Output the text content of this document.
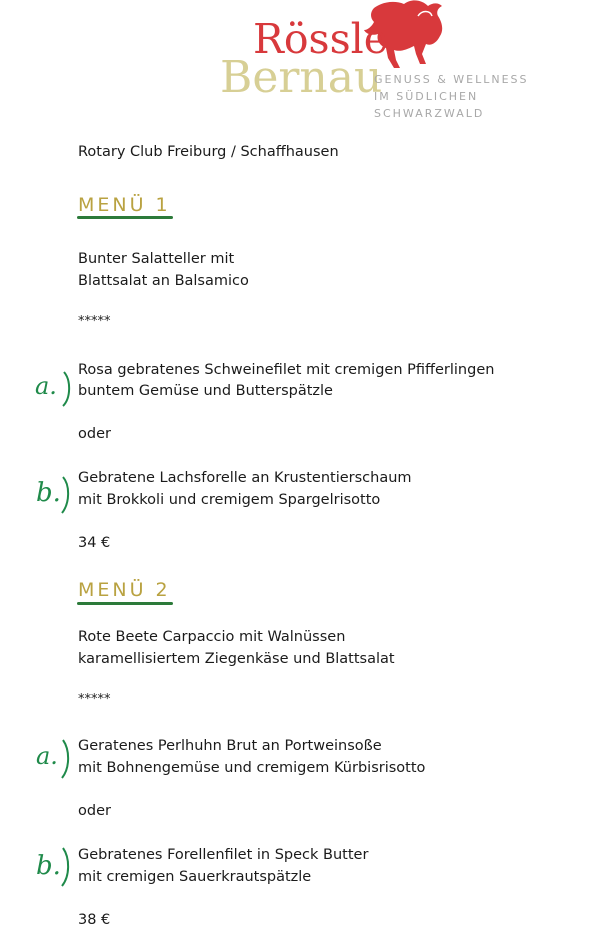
Rössle
Bernau
GENUSS & WELLNESS
IM SÜDLICHEN
SCHWARZWALD
Rotary Club Freiburg / Schaffhausen
MENÜ 1
Bunter Salatteller mit
Blattsalat an Balsamico
*****
a.
Rosa gebratenes Schweinefilet mit cremigen Pfifferlingen
buntem Gemüse und Butterspätzle
oder
b. Gebratene Lachsforelle an Krustentierschaum
mit Brokkoli und cremigem Spargelrisotto
34 €
MENÜ 2
Rote Beete Carpaccio mit Walnüssen
karamellisiertem Ziegenkäse und Blattsalat
*****
a. Geratenes Perlhuhn Brut an Portweinsoße
mit Bohnengemüse und cremigem Kürbisrisotto
oder
b. Gebratenes Forellenfilet in Speck Butter
mit cremigen Sauerkrautspätzle
38 €
